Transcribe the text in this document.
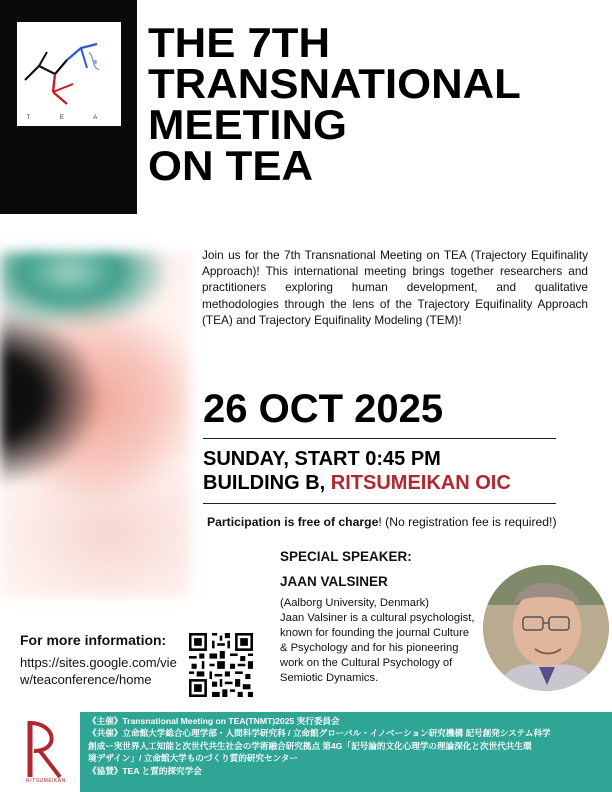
T E A
THE 7TH
TRANSNATIONAL
MEETING
ON TEA

Join us for the 7th Transnational Meeting on TEA (Trajectory Equifinality Approach)! This international meeting brings together researchers and practitioners exploring human development, and qualitative methodologies through the lens of the Trajectory Equifinality Approach (TEA) and Trajectory Equifinality Modeling (TEM)!

26 OCT 2025
SUNDAY, START 0:45 PM
BUILDING B, RITSUMEIKAN OIC
Participation is free of charge! (No registration fee is required!)
SPECIAL SPEAKER:
JAAN VALSINER
(Aalborg University, Denmark)

Jaan Valsiner is a cultural psychologist, known for founding the journal Culture & Psychology and for his pioneering work on the Cultural Psychology of Semiotic Dynamics.

For more information:

https://sites.google.com/view/teaconference/home

RITSUMEIKAN
《主催》Transnational Meeting on TEA(TNMT)2025 実行委員会
《共催》立命館大学総合心理学部・人間科学研究科 / 立命館グローバル・イノベーション研究機構 記号創発システム科学
創成ー実世界人工知能と次世代共生社会の学術融合研究拠点 第4G「記号論的文化心理学の理論深化と次世代共生環
境デザイン」/ 立命館大学ものづくり質的研究センター
《協賛》TEA と質的探究学会
